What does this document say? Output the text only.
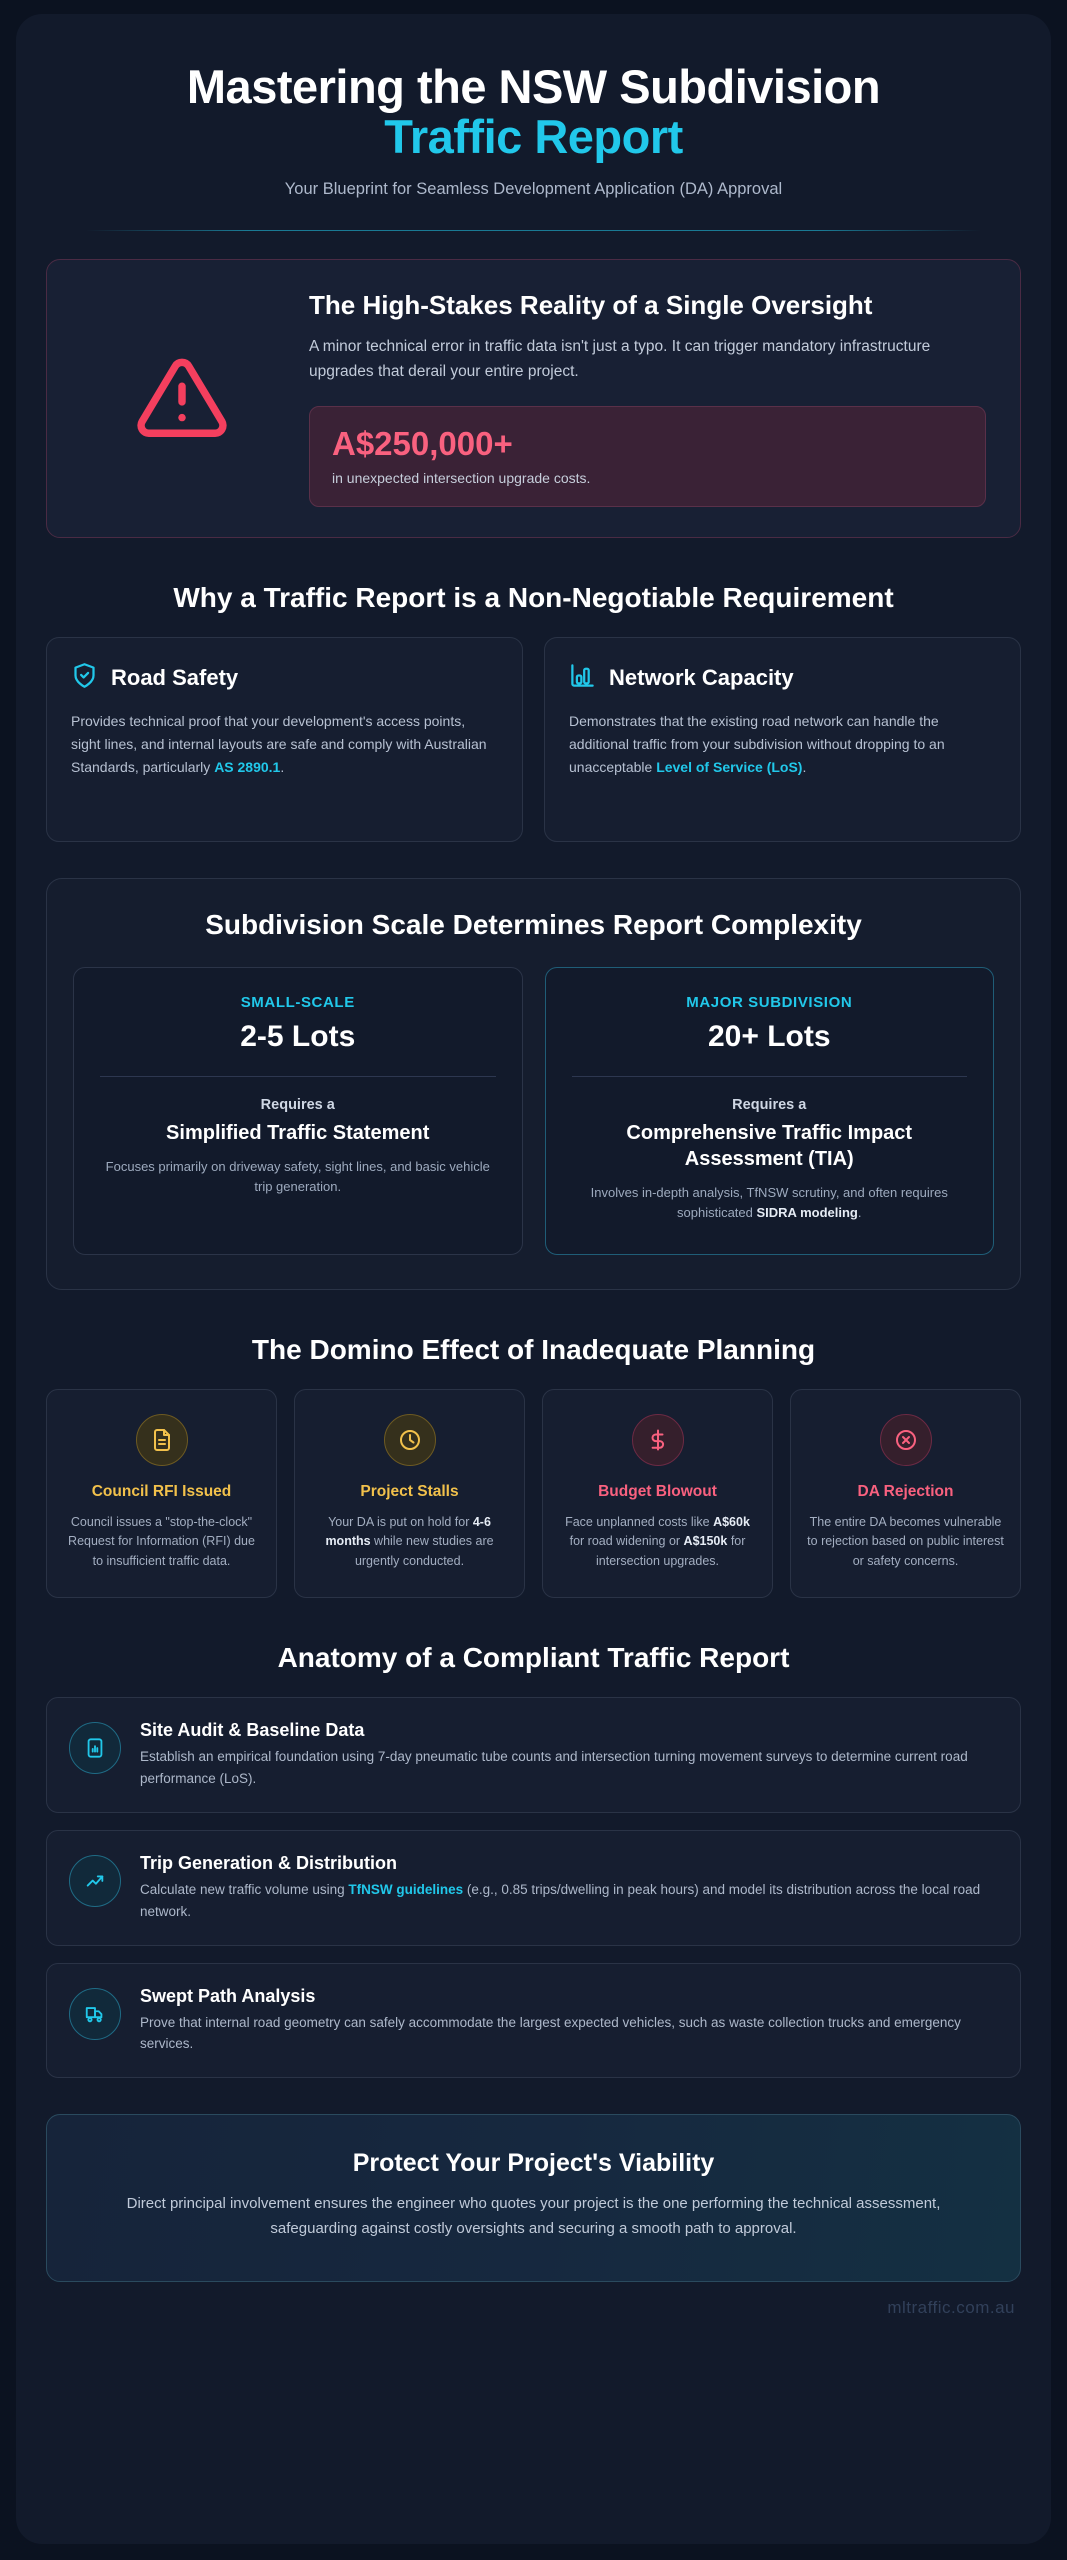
Mastering the NSW Subdivision
Traffic Report
Your Blueprint for Seamless Development Application (DA) Approval
The High-Stakes Reality of a Single Oversight

A minor technical error in traffic data isn't just a typo. It can trigger mandatory infrastructure upgrades that derail your entire project.

A$250,000+
in unexpected intersection upgrade costs.
Why a Traffic Report is a Non-Negotiable Requirement
Road Safety

Provides technical proof that your development's access points, sight lines, and internal layouts are safe and comply with Australian Standards, particularly AS 2890.1.

Network Capacity

Demonstrates that the existing road network can handle the additional traffic from your subdivision without dropping to an unacceptable Level of Service (LoS).

Subdivision Scale Determines Report Complexity
SMALL-SCALE
2-5 Lots
Requires a
Simplified Traffic Statement
Focuses primarily on driveway safety, sight lines, and basic vehicle trip generation.
MAJOR SUBDIVISION
20+ Lots
Requires a
Comprehensive Traffic Impact Assessment (TIA)
Involves in-depth analysis, TfNSW scrutiny, and often requires sophisticated SIDRA modeling.
The Domino Effect of Inadequate Planning
Council RFI Issued
Council issues a "stop-the-clock" Request for Information (RFI) due to insufficient traffic data.
Project Stalls
Your DA is put on hold for 4-6 months while new studies are urgently conducted.
Budget Blowout
Face unplanned costs like A$60k for road widening or A$150k for intersection upgrades.
DA Rejection
The entire DA becomes vulnerable to rejection based on public interest or safety concerns.
Anatomy of a Compliant Traffic Report
Site Audit & Baseline Data

Establish an empirical foundation using 7-day pneumatic tube counts and intersection turning movement surveys to determine current road performance (LoS).

Trip Generation & Distribution

Calculate new traffic volume using TfNSW guidelines (e.g., 0.85 trips/dwelling in peak hours) and model its distribution across the local road network.

Swept Path Analysis

Prove that internal road geometry can safely accommodate the largest expected vehicles, such as waste collection trucks and emergency services.

Protect Your Project's Viability

Direct principal involvement ensures the engineer who quotes your project is the one performing the technical assessment, safeguarding against costly oversights and securing a smooth path to approval.

mltraffic.com.au
